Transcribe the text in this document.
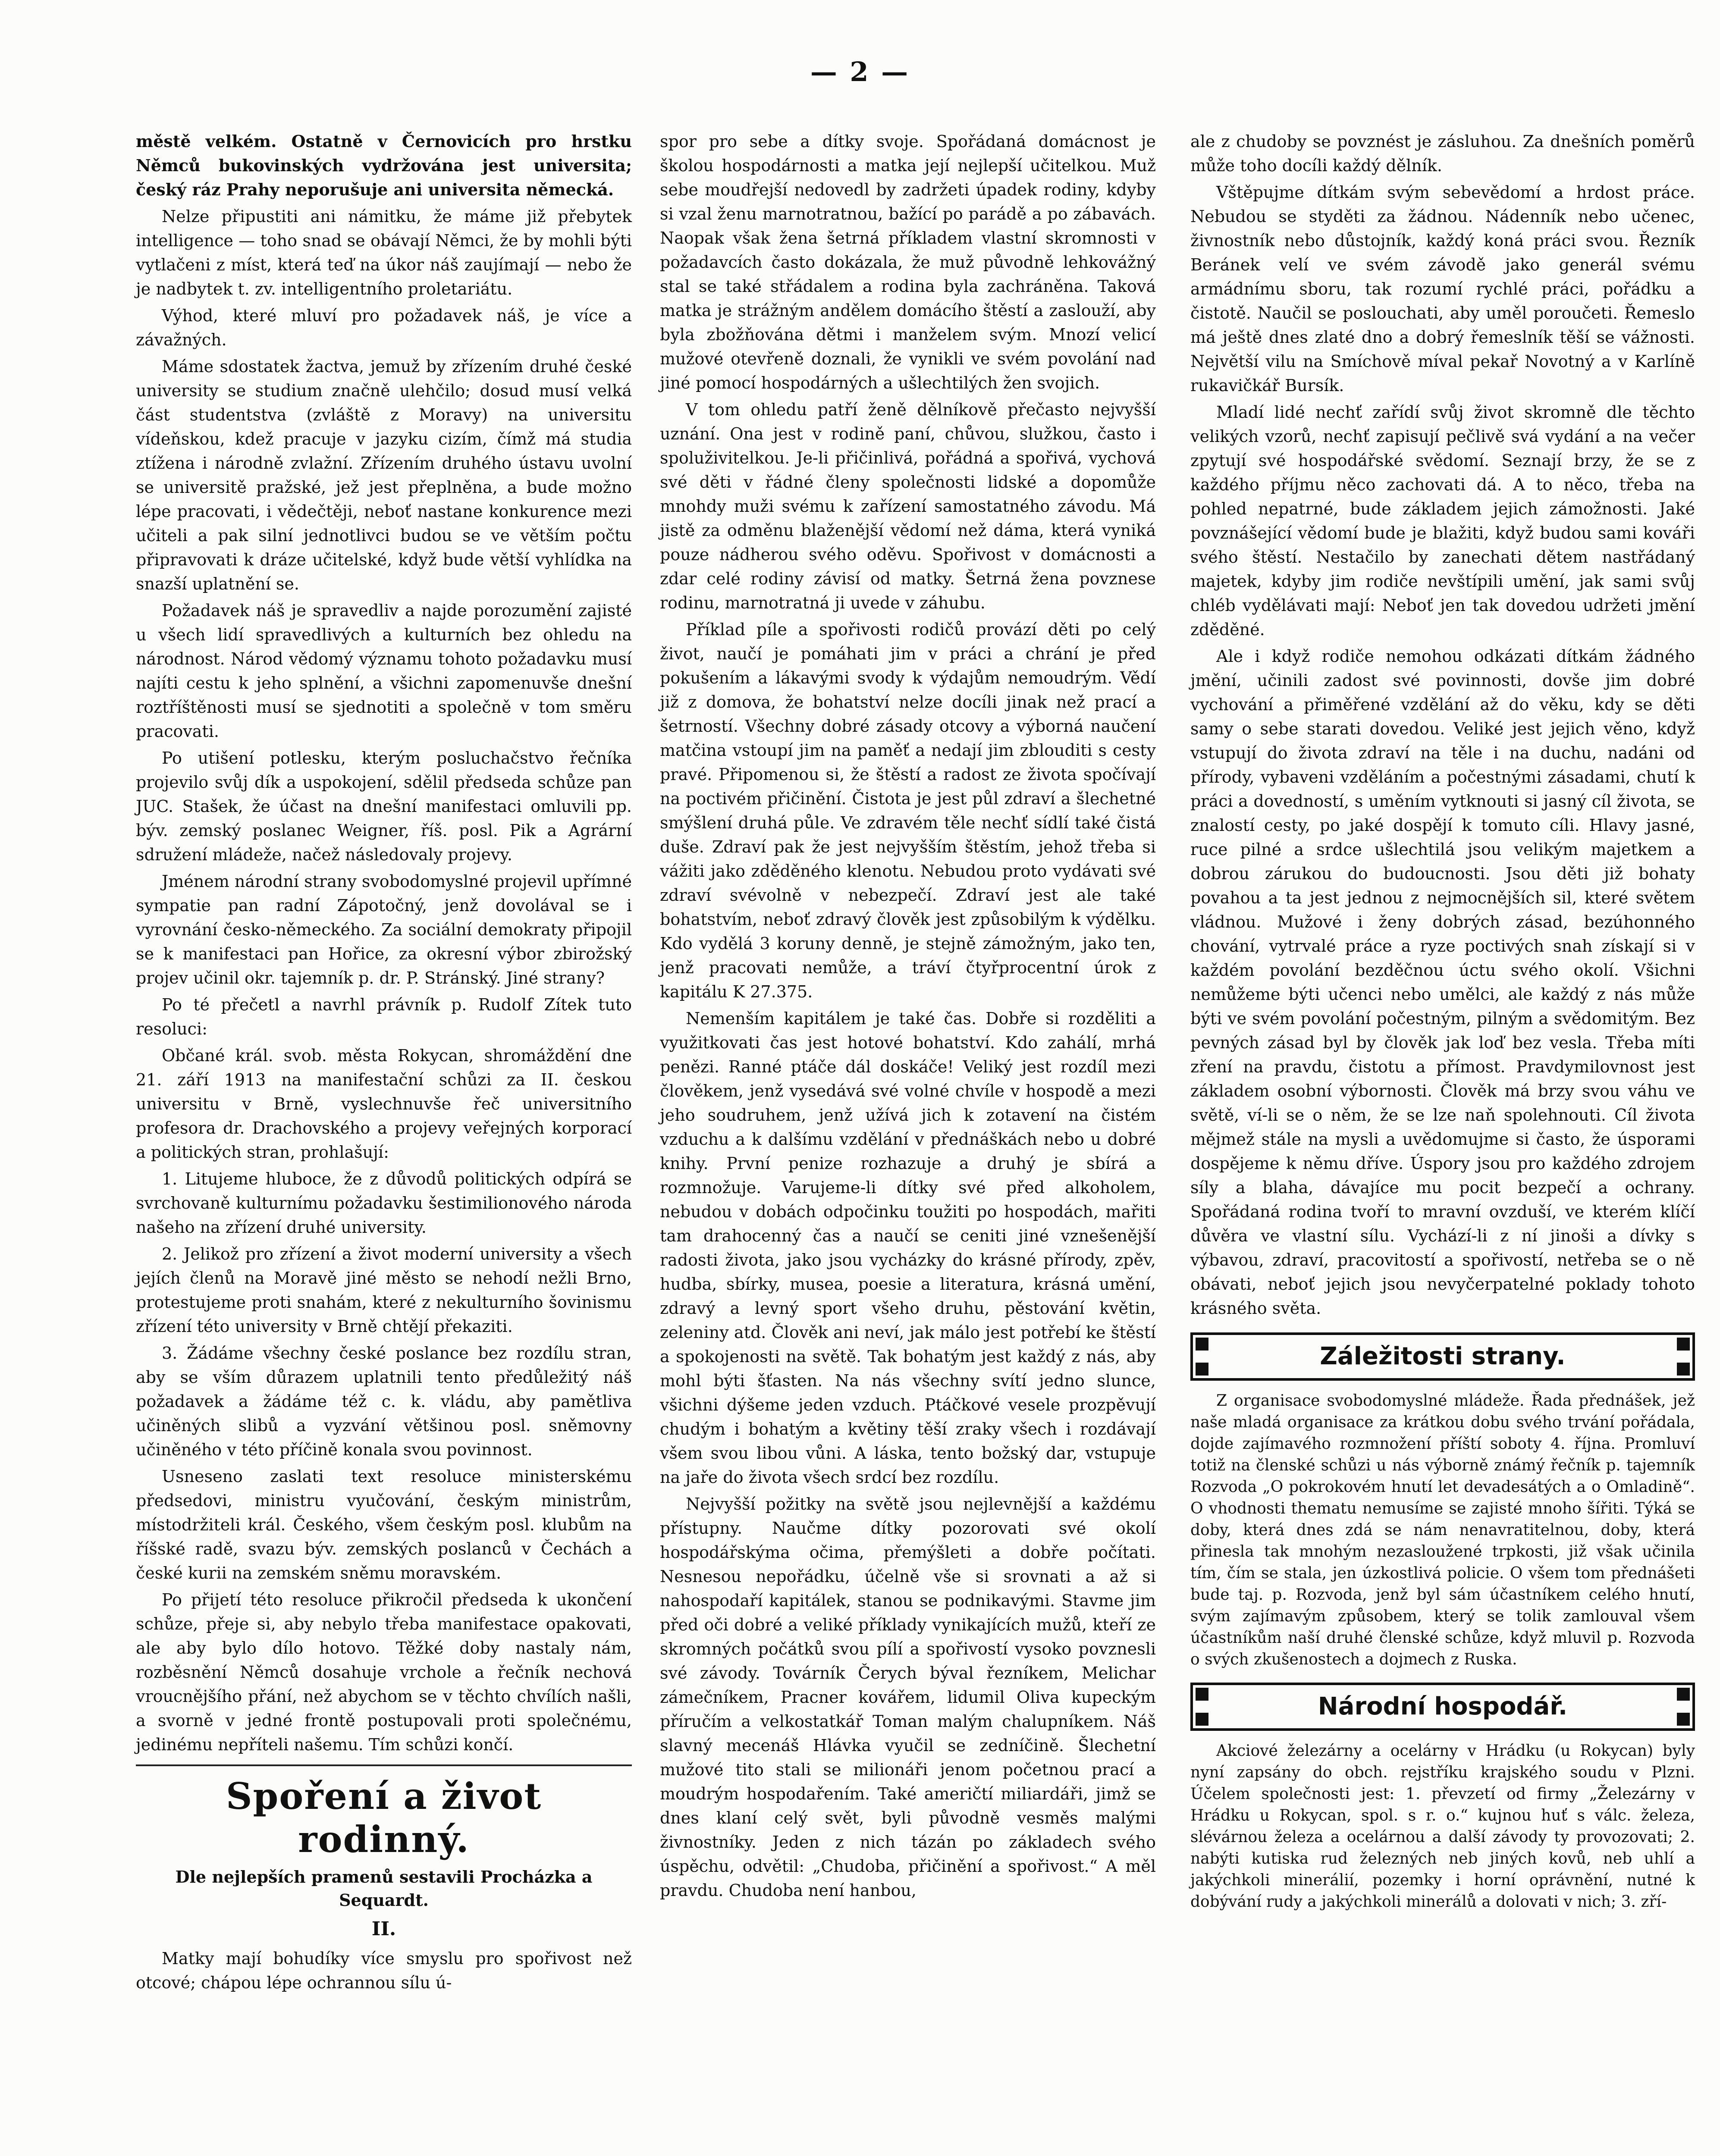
— 2 —

městě velkém. Ostatně v Černovicích pro hrstku Němců bukovinských vydržována jest universita; český ráz Prahy neporušuje ani universita německá.

Nelze připustiti ani námitku, že máme již přebytek intelligence — toho snad se obávají Němci, že by mohli býti vytlačeni z míst, která teď na úkor náš zaujímají — nebo že je nadbytek t. zv. intelligentního proletariátu.

Výhod, které mluví pro požadavek náš, je více a závažných.

Máme sdostatek žactva, jemuž by zřízením druhé české university se studium značně ulehčilo; dosud musí velká část studentstva (zvláště z Moravy) na universitu vídeňskou, kdež pracuje v jazyku cizím, čímž má studia ztížena i národně zvlažní. Zřízením druhého ústavu uvolní se universitě pražské, jež jest přeplněna, a bude možno lépe pracovati, i vědečtěji, neboť nastane konkurence mezi učiteli a pak silní jednotlivci budou se ve větším počtu připravovati k dráze učitelské, když bude větší vyhlídka na snazší uplatnění se.

Požadavek náš je spravedliv a najde porozumění zajisté u všech lidí spravedlivých a kulturních bez ohledu na národnost. Národ vědomý významu tohoto požadavku musí najíti cestu k jeho splnění, a všichni zapomenuvše dnešní roztříštěnosti musí se sjednotiti a společně v tom směru pracovati.

Po utišení potlesku, kterým posluchačstvo řečníka projevilo svůj dík a uspokojení, sdělil předseda schůze pan JUC. Stašek, že účast na dnešní manifestaci omluvili pp. býv. zemský poslanec Weigner, říš. posl. Pik a Agrární sdružení mládeže, načež následovaly projevy.

Jménem národní strany svobodomyslné projevil upřímné sympatie pan radní Zápotočný, jenž dovolával se i vyrovnání česko-německého. Za sociální demokraty připojil se k manifestaci pan Hořice, za okresní výbor zbirožský projev učinil okr. tajemník p. dr. P. Stránský. Jiné strany?

Po té přečetl a navrhl právník p. Rudolf Zítek tuto resoluci:

Občané král. svob. města Rokycan, shromáždění dne 21. září 1913 na manifestační schůzi za II. českou universitu v Brně, vyslechnuvše řeč universitního profesora dr. Drachovského a projevy veřejných korporací a politických stran, prohlašují:

1. Litujeme hluboce, že z důvodů politických odpírá se svrchovaně kulturnímu požadavku šestimilionového národa našeho na zřízení druhé university.

2. Jelikož pro zřízení a život moderní university a všech jejích členů na Moravě jiné město se nehodí nežli Brno, protestujeme proti snahám, které z nekulturního šovinismu zřízení této university v Brně chtějí překaziti.

3. Žádáme všechny české poslance bez rozdílu stran, aby se vším důrazem uplatnili tento předůležitý náš požadavek a žádáme též c. k. vládu, aby pamětliva učiněných slibů a vyzvání většinou posl. sněmovny učiněného v této příčině konala svou povinnost.

Usneseno zaslati text resoluce ministerskému předsedovi, ministru vyučování, českým ministrům, místodržiteli král. Českého, všem českým posl. klubům na říšské radě, svazu býv. zemských poslanců v Čechách a české kurii na zemském sněmu moravském.

Po přijetí této resoluce přikročil předseda k ukončení schůze, přeje si, aby nebylo třeba manifestace opakovati, ale aby bylo dílo hotovo. Těžké doby nastaly nám, rozběsnění Němců dosahuje vrchole a řečník nechová vroucnějšího přání, než abychom se v těchto chvílích našli, a svorně v jedné frontě postupovali proti společnému, jedinému nepříteli našemu. Tím schůzi končí.

Spoření a život rodinný.
Dle nejlepších pramenů sestavili Procházka a Sequardt.
II.

Matky mají bohudíky více smyslu pro spořivost než otcové; chápou lépe ochrannou sílu ú-

spor pro sebe a dítky svoje. Spořádaná domácnost je školou hospodárnosti a matka její nejlepší učitelkou. Muž sebe moudřejší nedovedl by zadržeti úpadek rodiny, kdyby si vzal ženu marnotratnou, bažící po parádě a po zábavách. Naopak však žena šetrná příkladem vlastní skromnosti v požadavcích často dokázala, že muž původně lehkovážný stal se také střádalem a rodina byla zachráněna. Taková matka je strážným andělem domácího štěstí a zaslouží, aby byla zbožňována dětmi i manželem svým. Mnozí velicí mužové otevřeně doznali, že vynikli ve svém povolání nad jiné pomocí hospodárných a ušlechtilých žen svojich.

V tom ohledu patří ženě dělníkově přečasto nejvyšší uznání. Ona jest v rodině paní, chůvou, služkou, často i spoluživitelkou. Je-li přičinlivá, pořádná a spořivá, vychová své děti v řádné členy společnosti lidské a dopomůže mnohdy muži svému k zařízení samostatného závodu. Má jistě za odměnu blaženější vědomí než dáma, která vyniká pouze nádherou svého oděvu. Spořivost v domácnosti a zdar celé rodiny závisí od matky. Šetrná žena povznese rodinu, marnotratná ji uvede v záhubu.

Příklad píle a spořivosti rodičů provází děti po celý život, naučí je pomáhati jim v práci a chrání je před pokušením a lákavými svody k výdajům nemoudrým. Vědí již z domova, že bohatství nelze docíli jinak než prací a šetrností. Všechny dobré zásady otcovy a výborná naučení matčina vstoupí jim na paměť a nedají jim zblouditi s cesty pravé. Připomenou si, že štěstí a radost ze života spočívají na poctivém přičinění. Čistota je jest půl zdraví a šlechetné smýšlení druhá půle. Ve zdravém těle nechť sídlí také čistá duše. Zdraví pak že jest nejvyšším štěstím, jehož třeba si vážiti jako zděděného klenotu. Nebudou proto vydávati své zdraví svévolně v nebezpečí. Zdraví jest ale také bohatstvím, neboť zdravý člověk jest způsobilým k výdělku. Kdo vydělá 3 koruny denně, je stejně zámožným, jako ten, jenž pracovati nemůže, a tráví čtyřprocentní úrok z kapitálu K 27.375.

Nemenším kapitálem je také čas. Dobře si rozděliti a využitkovati čas jest hotové bohatství. Kdo zahálí, mrhá penězi. Ranné ptáče dál doskáče! Veliký jest rozdíl mezi člověkem, jenž vysedává své volné chvíle v hospodě a mezi jeho soudruhem, jenž užívá jich k zotavení na čistém vzduchu a k dalšímu vzdělání v přednáškách nebo u dobré knihy. První penize rozhazuje a druhý je sbírá a rozmnožuje. Varujeme-li dítky své před alkoholem, nebudou v dobách odpočinku toužiti po hospodách, mařiti tam drahocenný čas a naučí se ceniti jiné vznešenější radosti života, jako jsou vycházky do krásné přírody, zpěv, hudba, sbírky, musea, poesie a literatura, krásná umění, zdravý a levný sport všeho druhu, pěstování květin, zeleniny atd. Člověk ani neví, jak málo jest potřebí ke štěstí a spokojenosti na světě. Tak bohatým jest každý z nás, aby mohl býti šťasten. Na nás všechny svítí jedno slunce, všichni dýšeme jeden vzduch. Ptáčkové vesele prozpěvují chudým i bohatým a květiny těší zraky všech i rozdávají všem svou libou vůni. A láska, tento božský dar, vstupuje na jaře do života všech srdcí bez rozdílu.

Nejvyšší požitky na světě jsou nejlevnější a každému přístupny. Naučme dítky pozorovati své okolí hospodářskýma očima, přemýšleti a dobře počítati. Nesnesou nepořádku, účelně vše si srovnati a až si nahospodaří kapitálek, stanou se podnikavými. Stavme jim před oči dobré a veliké příklady vynikajících mužů, kteří ze skromných počátků svou pílí a spořivostí vysoko povznesli své závody. Továrník Čerych býval řezníkem, Melichar zámečníkem, Pracner kovářem, lidumil Oliva kupeckým příručím a velkostatkář Toman malým chalupníkem. Náš slavný mecenáš Hlávka vyučil se zedníčině. Šlechetní mužové tito stali se milionáři jenom početnou prací a moudrým hospodařením. Také američtí miliardáři, jimž se dnes klaní celý svět, byli původně vesměs malými živnostníky. Jeden z nich tázán po základech svého úspěchu, odvětil: „Chudoba, přičinění a spořivost.“ A měl pravdu. Chudoba není hanbou,

ale z chudoby se povznést je zásluhou. Za dnešních poměrů může toho docíli každý dělník.

Vštěpujme dítkám svým sebevědomí a hrdost práce. Nebudou se styděti za žádnou. Nádenník nebo učenec, živnostník nebo důstojník, každý koná práci svou. Řezník Beránek velí ve svém závodě jako generál svému armádnímu sboru, tak rozumí rychlé práci, pořádku a čistotě. Naučil se poslouchati, aby uměl poroučeti. Řemeslo má ještě dnes zlaté dno a dobrý řemeslník těší se vážnosti. Největší vilu na Smíchově míval pekař Novotný a v Karlíně rukavičkář Bursík.

Mladí lidé nechť zařídí svůj život skromně dle těchto velikých vzorů, nechť zapisují pečlivě svá vydání a na večer zpytují své hospodářské svědomí. Seznají brzy, že se z každého příjmu něco zachovati dá. A to něco, třeba na pohled nepatrné, bude základem jejich zámožnosti. Jaké povznášející vědomí bude je blažiti, když budou sami kováři svého štěstí. Nestačilo by zanechati dětem nastřádaný majetek, kdyby jim rodiče nevštípili umění, jak sami svůj chléb vydělávati mají: Neboť jen tak dovedou udržeti jmění zděděné.

Ale i když rodiče nemohou odkázati dítkám žádného jmění, učinili zadost své povinnosti, dovše jim dobré vychování a přiměřené vzdělání až do věku, kdy se děti samy o sebe starati dovedou. Veliké jest jejich věno, když vstupují do života zdraví na těle i na duchu, nadáni od přírody, vybaveni vzděláním a počestnými zásadami, chutí k práci a dovedností, s uměním vytknouti si jasný cíl života, se znalostí cesty, po jaké dospějí k tomuto cíli. Hlavy jasné, ruce pilné a srdce ušlechtilá jsou velikým majetkem a dobrou zárukou do budoucnosti. Jsou děti již bohaty povahou a ta jest jednou z nejmocnějších sil, které světem vládnou. Mužové i ženy dobrých zásad, bezúhonného chování, vytrvalé práce a ryze poctivých snah získají si v každém povolání bezděčnou úctu svého okolí. Všichni nemůžeme býti učenci nebo umělci, ale každý z nás může býti ve svém povolání počestným, pilným a svědomitým. Bez pevných zásad byl by člověk jak loď bez vesla. Třeba míti zření na pravdu, čistotu a přímost. Pravdymilovnost jest základem osobní výbornosti. Člověk má brzy svou váhu ve světě, ví-li se o něm, že se lze naň spolehnouti. Cíl života mějmež stále na mysli a uvědomujme si často, že úsporami dospějeme k němu dříve. Úspory jsou pro každého zdrojem síly a blaha, dávajíce mu pocit bezpečí a ochrany. Spořádaná rodina tvoří to mravní ovzduší, ve kterém klíčí důvěra ve vlastní sílu. Vychází-li z ní jinoši a dívky s výbavou, zdraví, pracovitostí a spořivostí, netřeba se o ně obávati, neboť jejich jsou nevyčerpatelné poklady tohoto krásného světa.

Záležitosti strany.

Z organisace svobodomyslné mládeže. Řada přednášek, jež naše mladá organisace za krátkou dobu svého trvání pořádala, dojde zajímavého rozmnožení příští soboty 4. října. Promluví totiž na členské schůzi u nás výborně známý řečník p. tajemník Rozvoda „O pokrokovém hnutí let devadesátých a o Omladině“. O vhodnosti thematu nemusíme se zajisté mnoho šířiti. Týká se doby, která dnes zdá se nám nenavratitelnou, doby, která přinesla tak mnohým nezasloužené trpkosti, již však učinila tím, čím se stala, jen úzkostlivá policie. O všem tom přednášeti bude taj. p. Rozvoda, jenž byl sám účastníkem celého hnutí, svým zajímavým způsobem, který se tolik zamlouval všem účastníkům naší druhé členské schůze, když mluvil p. Rozvoda o svých zkušenostech a dojmech z Ruska.

Národní hospodář.

Akciové železárny a ocelárny v Hrádku (u Rokycan) byly nyní zapsány do obch. rejstříku krajského soudu v Plzni. Účelem společnosti jest: 1. převzetí od firmy „Železárny v Hrádku u Rokycan, spol. s r. o.“ kujnou huť s válc. železa, slévárnou železa a ocelárnou a další závody ty provozovati; 2. nabýti kutiska rud železných neb jiných kovů, neb uhlí a jakýchkoli minerálií, pozemky i horní oprávnění, nutné k dobývání rudy a jakýchkoli minerálů a dolovati v nich; 3. zří-
